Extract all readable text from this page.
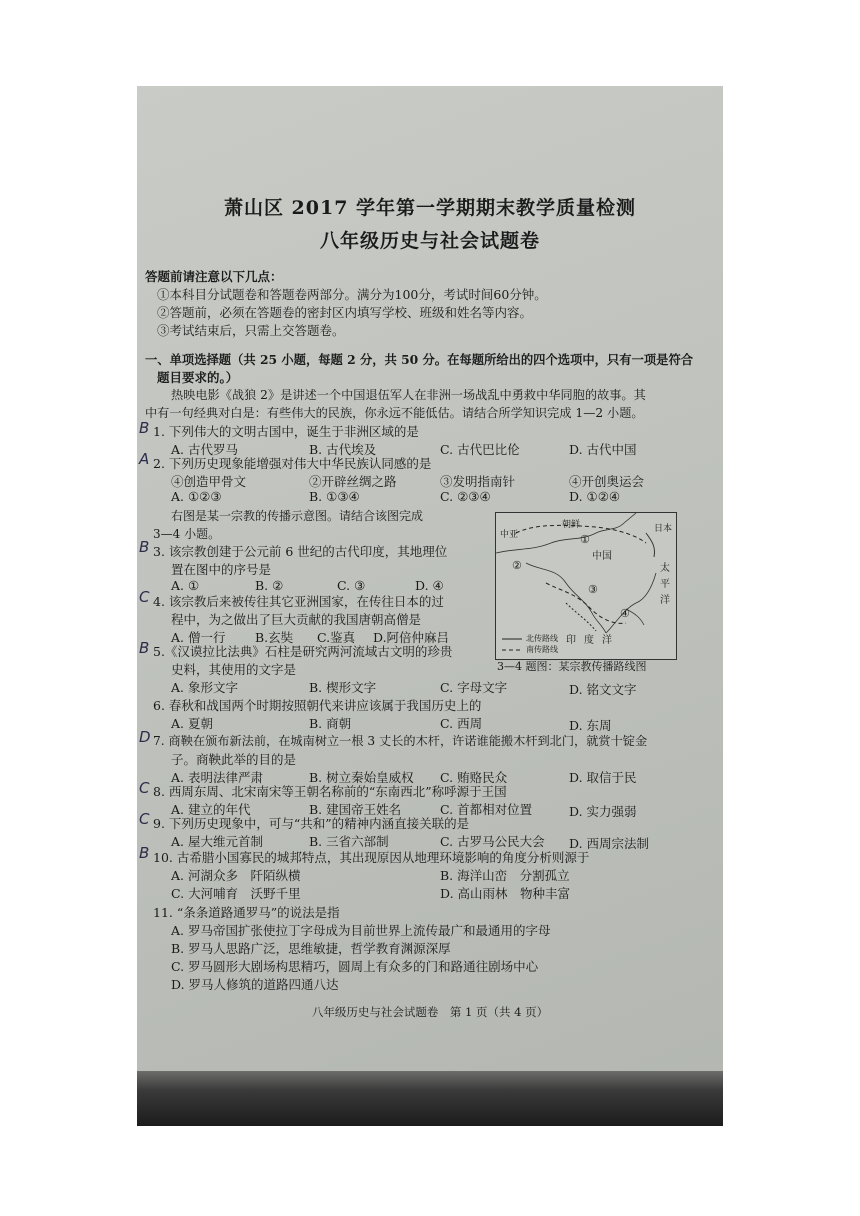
萧山区 2017 学年第一学期期末教学质量检测
八年级历史与社会试题卷
答题前请注意以下几点：
①本科目分试题卷和答题卷两部分。满分为100分，考试时间60分钟。
②答题前，必须在答题卷的密封区内填写学校、班级和姓名等内容。
③考试结束后，只需上交答题卷。
一、单项选择题（共 25 小题，每题 2 分，共 50 分。在每题所给出的四个选项中，只有一项是符合
题目要求的。）
热映电影《战狼 2》是讲述一个中国退伍军人在非洲一场战乱中勇救中华同胞的故事。其
中有一句经典对白是：有些伟大的民族，你永远不能低估。请结合所学知识完成 1—2 小题。
B 1. 下列伟大的文明古国中，诞生于非洲区域的是
A. 古代罗马	B. 古代埃及	C. 古代巴比伦	D. 古代中国
A 2. 下列历史现象能增强对伟大中华民族认同感的是
④创造甲骨文	②开辟丝绸之路	③发明指南针	④开创奥运会
A. ①②③	B. ①③④	C. ②③④	D. ①②④
右图是某一宗教的传播示意图。请结合该图完成
3—4 小题。
B 3. 该宗教创建于公元前 6 世纪的古代印度，其地理位
置在图中的序号是
A. ①	B. ②	C. ③	D. ④
C 4. 该宗教后来被传往其它亚洲国家，在传往日本的过
程中，为之做出了巨大贡献的我国唐朝高僧是
A. 僧一行 B.玄奘 C.鉴真 D.阿倍仲麻吕
B 5.《汉谟拉比法典》石柱是研究两河流域古文明的珍贵
史料，其使用的文字是
A. 象形文字	B. 楔形文字	C. 字母文字	D. 铭文文字
6. 春秋和战国两个时期按照朝代来讲应该属于我国历史上的
A. 夏朝	B. 商朝	C. 西周	D. 东周
D 7. 商鞅在颁布新法前，在城南树立一根 3 丈长的木杆，许诺谁能搬木杆到北门，就赏十锭金
子。商鞅此举的目的是
A. 表明法律严肃	B. 树立秦始皇威权 C. 贿赂民众	D. 取信于民
C 8. 西周东周、北宋南宋等王朝名称前的“东南西北”称呼源于王国
A. 建立的年代	B. 建国帝王姓名	C. 首都相对位置	D. 实力强弱
C 9. 下列历史现象中，可与“共和”的精神内涵直接关联的是
A. 屋大维元首制	B. 三省六部制	C. 古罗马公民大会 D. 西周宗法制
B 10. 古希腊小国寡民的城邦特点，其出现原因从地理环境影响的角度分析则源于
A. 河湖众多　阡陌纵横	B. 海洋山峦　分割孤立
C. 大河哺育　沃野千里	D. 高山雨林　物种丰富
11. “条条道路通罗马”的说法是指
A. 罗马帝国扩张使拉丁字母成为目前世界上流传最广和最通用的字母
B. 罗马人思路广泛，思维敏捷，哲学教育渊源深厚
C. 罗马圆形大剧场构思精巧，圆周上有众多的门和路通往剧场中心
D. 罗马人修筑的道路四通八达
日本
朝鲜
中亚
中国
太平洋
印度洋
①
②
③
④
北传路线
南传路线
3—4 题图：某宗教传播路线图
八年级历史与社会试题卷　第 1 页（共 4 页）
